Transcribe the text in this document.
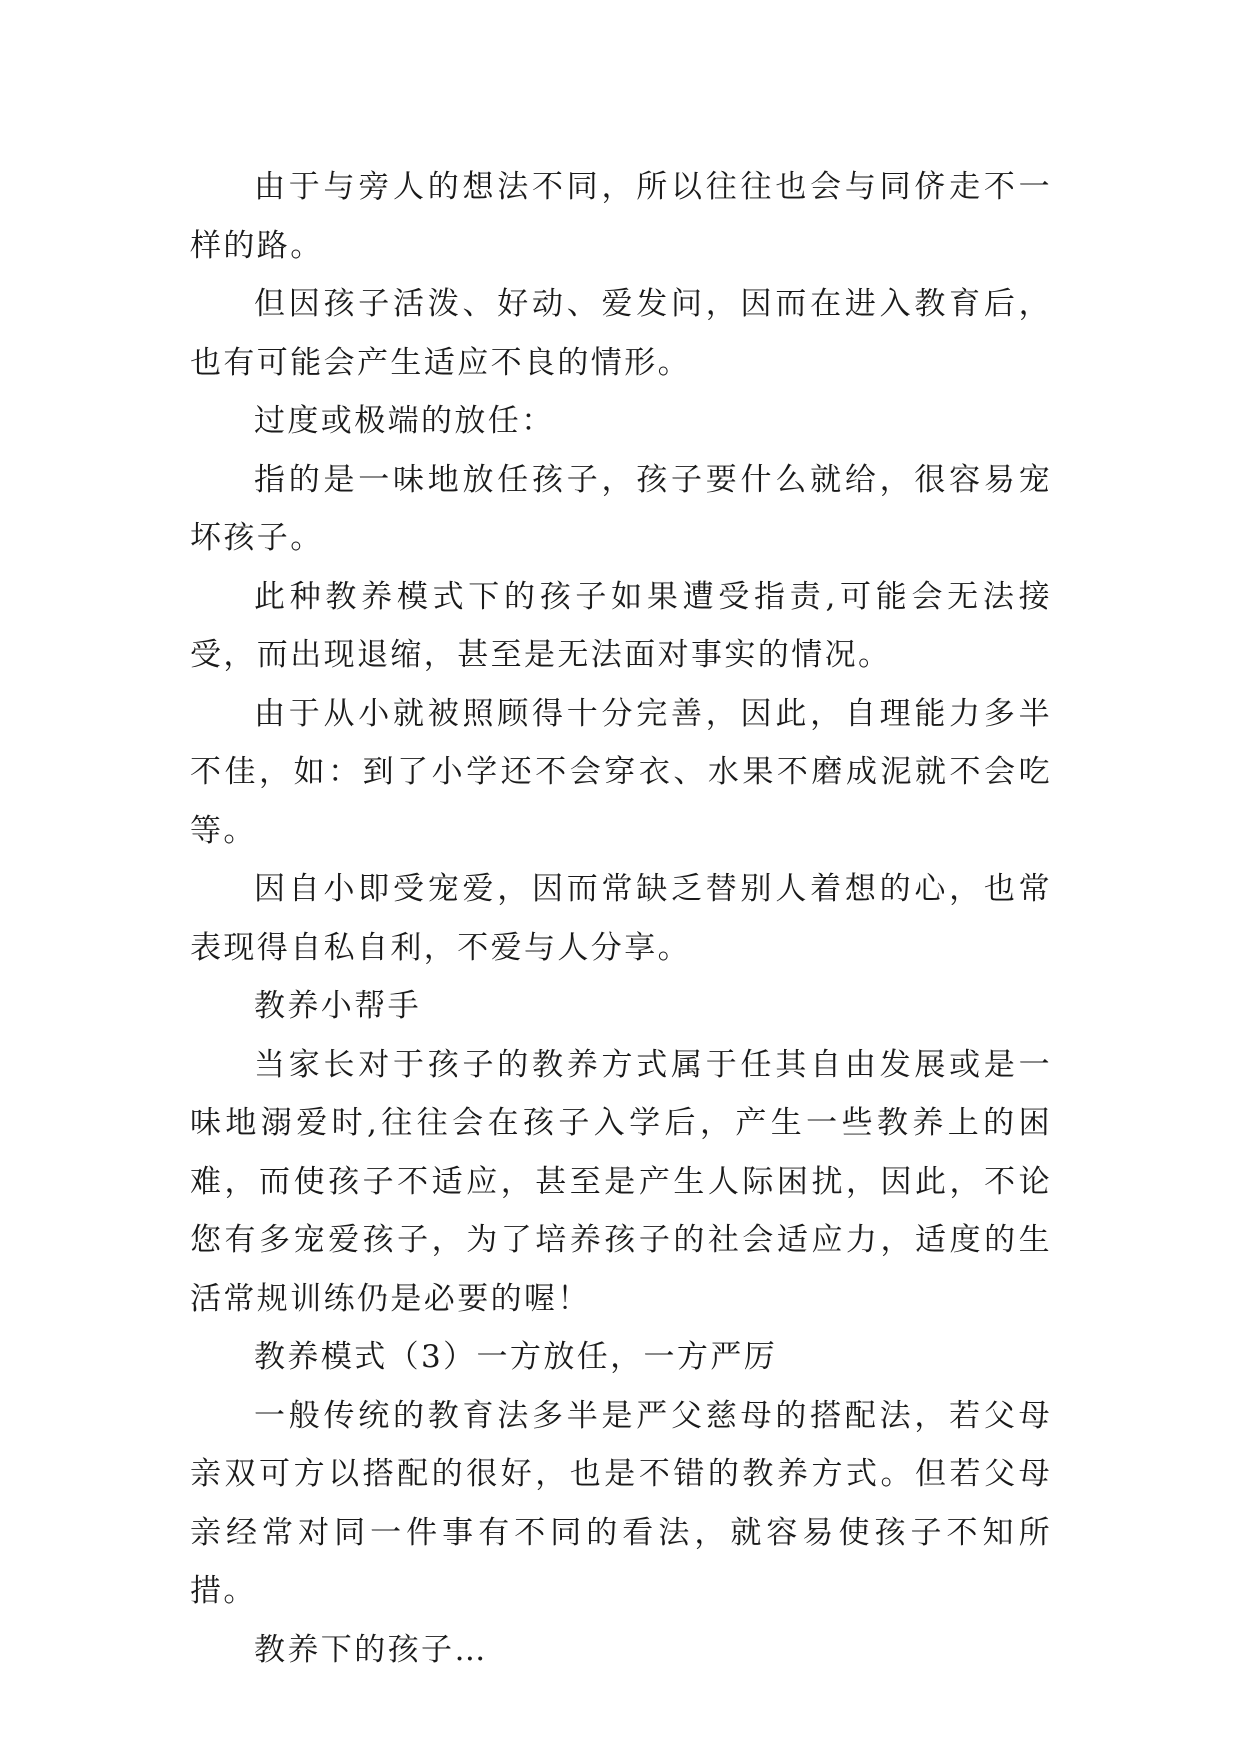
由于与旁人的想法不同，所以往往也会与同侪走不一样的路。

但因孩子活泼、好动、爱发问，因而在进入教育后，也有可能会产生适应不良的情形。

过度或极端的放任：

指的是一味地放任孩子，孩子要什么就给，很容易宠坏孩子。

此种教养模式下的孩子如果遭受指责,可能会无法接受，而出现退缩，甚至是无法面对事实的情况。

由于从小就被照顾得十分完善，因此，自理能力多半不佳，如：到了小学还不会穿衣、水果不磨成泥就不会吃等。

因自小即受宠爱，因而常缺乏替别人着想的心，也常表现得自私自利，不爱与人分享。

教养小帮手

当家长对于孩子的教养方式属于任其自由发展或是一味地溺爱时,往往会在孩子入学后，产生一些教养上的困难，而使孩子不适应，甚至是产生人际困扰，因此，不论您有多宠爱孩子，为了培养孩子的社会适应力，适度的生活常规训练仍是必要的喔！

教养模式（3）一方放任，一方严厉

一般传统的教育法多半是严父慈母的搭配法，若父母亲双可方以搭配的很好，也是不错的教养方式。但若父母亲经常对同一件事有不同的看法，就容易使孩子不知所措。

教养下的孩子…
